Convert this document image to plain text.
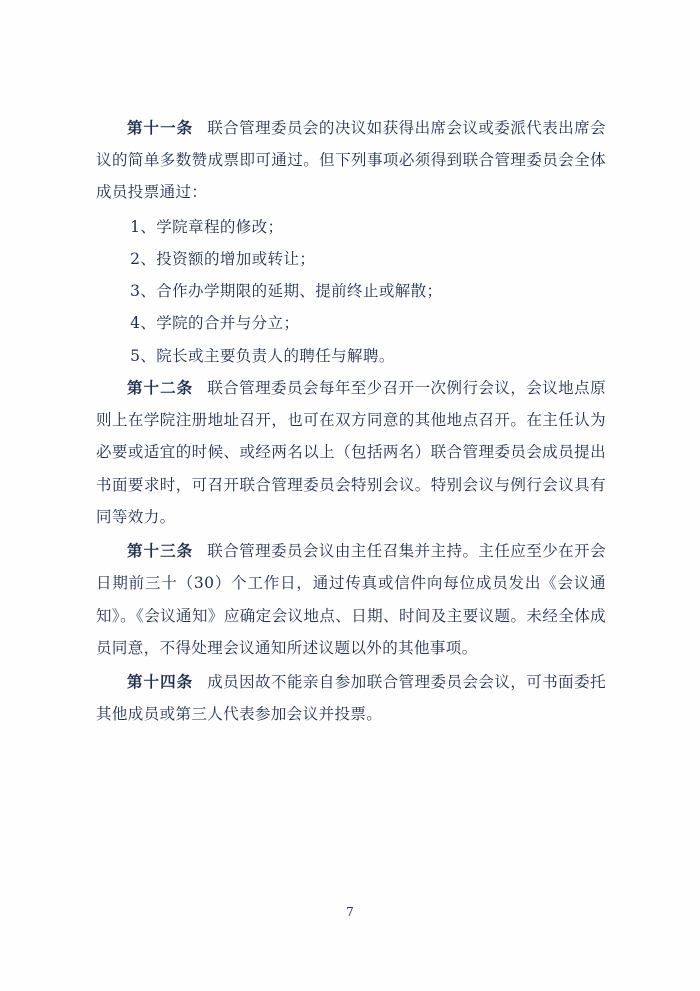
第十一条 联合管理委员会的决议如获得出席会议或委派代表出席会议的简单多数赞成票即可通过。但下列事项必须得到联合管理委员会全体成员投票通过：

1、学院章程的修改；

2、投资额的增加或转让；

3、合作办学期限的延期、提前终止或解散；

4、学院的合并与分立；

5、院长或主要负责人的聘任与解聘。

第十二条 联合管理委员会每年至少召开一次例行会议，会议地点原则上在学院注册地址召开，也可在双方同意的其他地点召开。在主任认为必要或适宜的时候、或经两名以上（包括两名）联合管理委员会成员提出书面要求时，可召开联合管理委员会特别会议。特别会议与例行会议具有同等效力。

第十三条 联合管理委员会议由主任召集并主持。主任应至少在开会日期前三十（30）个工作日，通过传真或信件向每位成员发出《会议通知》。《会议通知》应确定会议地点、日期、时间及主要议题。未经全体成员同意，不得处理会议通知所述议题以外的其他事项。

第十四条 成员因故不能亲自参加联合管理委员会会议，可书面委托其他成员或第三人代表参加会议并投票。

7
